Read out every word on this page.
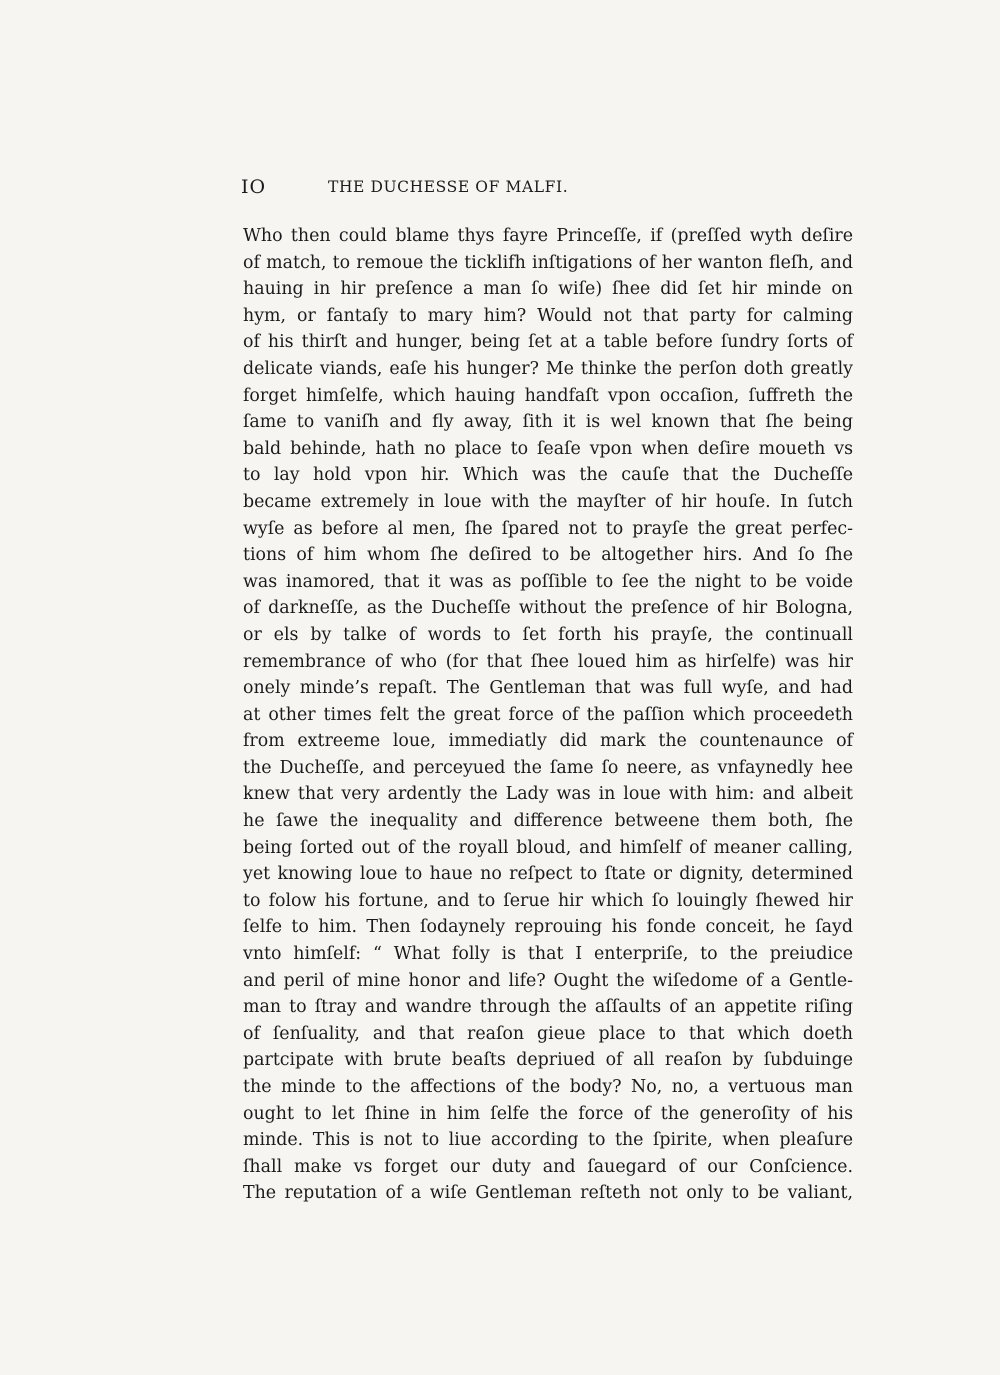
IO	THE DUCHESSE OF MALFI.
Who then could blame thys fayre Princeſſe, if (preſſed wyth deſire
of match, to remoue the ticklifh inſtigations of her wanton fleſh, and
hauing in hir preſence a man ſo wiſe) ſhee did ſet hir minde on
hym, or fantaſy to mary him? Would not that party for calming
of his thirſt and hunger, being ſet at a table before ſundry ſorts of
delicate viands, eaſe his hunger? Me thinke the perſon doth greatly
forget himſelfe, which hauing handfaſt vpon occaſion, ſuffreth the
ſame to vaniſh and fly away, ſith it is wel known that ſhe being
bald behinde, hath no place to ſeaſe vpon when deſire moueth vs
to lay hold vpon hir. Which was the cauſe that the Ducheſſe
became extremely in loue with the mayſter of hir houſe. In ſutch
wyſe as before al men, ſhe ſpared not to prayſe the great perfec-
tions of him whom ſhe deſired to be altogether hirs. And ſo ſhe
was inamored, that it was as poſſible to ſee the night to be voide
of darkneſſe, as the Ducheſſe without the preſence of hir Bologna,
or els by talke of words to ſet forth his prayſe, the continuall
remembrance of who (for that ſhee loued him as hirſelfe) was hir
onely minde’s repaſt. The Gentleman that was full wyſe, and had
at other times felt the great force of the paſſion which proceedeth
from extreeme loue, immediatly did mark the countenaunce of
the Ducheſſe, and perceyued the ſame ſo neere, as vnfaynedly hee
knew that very ardently the Lady was in loue with him: and albeit
he ſawe the inequality and difference betweene them both, ſhe
being ſorted out of the royall bloud, and himſelf of meaner calling,
yet knowing loue to haue no reſpect to ſtate or dignity, determined
to folow his fortune, and to ſerue hir which ſo louingly ſhewed hir
ſelfe to him. Then ſodaynely reprouing his fonde conceit, he ſayd
vnto himſelf: “ What folly is that I enterpriſe, to the preiudice
and peril of mine honor and life? Ought the wiſedome of a Gentle-
man to ſtray and wandre through the aſſaults of an appetite riſing
of ſenſuality, and that reaſon gieue place to that which doeth
partcipate with brute beaſts depriued of all reaſon by ſubduinge
the minde to the affections of the body? No, no, a vertuous man
ought to let ſhine in him ſelfe the force of the generoſity of his
minde. This is not to liue according to the ſpirite, when pleaſure
ſhall make vs forget our duty and ſauegard of our Conſcience.
The reputation of a wiſe Gentleman reſteth not only to be valiant,
